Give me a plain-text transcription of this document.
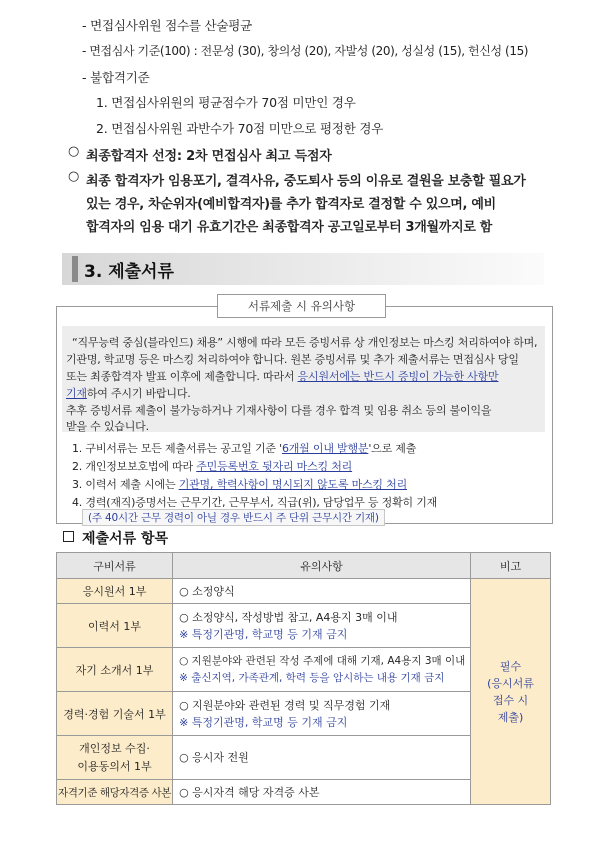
- 면접심사위원 점수를 산술평균
- 면접심사 기준(100) : 전문성 (30), 창의성 (20), 자발성 (20), 성실성 (15), 헌신성 (15)
- 불합격기준
1. 면접심사위원의 평균점수가 70점 미만인 경우
2. 면접심사위원 과반수가 70점 미만으로 평정한 경우
○ 최종합격자 선정: 2차 면접심사 최고 득점자
○ 최종 합격자가 임용포기, 결격사유, 중도퇴사 등의 이유로 결원을 보충할 필요가
있는 경우, 차순위자(예비합격자)를 추가 합격자로 결정할 수 있으며, 예비
합격자의 임용 대기 유효기간은 최종합격자 공고일로부터 3개월까지로 함
3. 제출서류
서류제출 시 유의사항
“직무능력 중심(블라인드) 채용” 시행에 따라 모든 증빙서류 상 개인정보는 마스킹 처리하여야 하며,
기관명, 학교명 등은 마스킹 처리하여야 합니다. 원본 증빙서류 및 추가 제출서류는 면접심사 당일
또는 최종합격자 발표 이후에 제출합니다. 따라서 응시원서에는 반드시 증빙이 가능한 사항만
기재하여 주시기 바랍니다.
추후 증빙서류 제출이 불가능하거나 기재사항이 다를 경우 합격 및 임용 취소 등의 불이익을
받을 수 있습니다.
1. 구비서류는 모든 제출서류는 공고일 기준 '6개월 이내 발행분'으로 제출
2. 개인정보보호법에 따라 주민등록번호 뒷자리 마스킹 처리
3. 이력서 제출 시에는 기관명, 학력사항이 명시되지 않도록 마스킹 처리
4. 경력(재직)증명서는 근무기간, 근무부서, 직급(위), 담당업무 등 정확히 기재
(주 40시간 근무 경력이 아닐 경우 반드시 주 단위 근무시간 기재)
제출서류 항목
구비서류	유의사항	비고
응시원서 1부	○ 소정양식	필수
(응시서류
접수 시
제출)
이력서 1부	○ 소정양식, 작성방법 참고, A4용지 3매 이내
※ 특정기관명, 학교명 등 기재 금지	

자기 소개서 1부	○ 지원분야와 관련된 작성 주제에 대해 기재, A4용지 3매 이내
※ 출신지역, 가족관계, 학력 등을 암시하는 내용 기재 금지	

경력·경험 기술서 1부	○ 지원분야와 관련된 경력 및 직무경험 기재
※ 특정기관명, 학교명 등 기재 금지	

개인정보 수집·
이용동의서 1부	○ 응시자 전원	
자격기준 해당자격증 사본	○ 응시자격 해당 자격증 사본	
